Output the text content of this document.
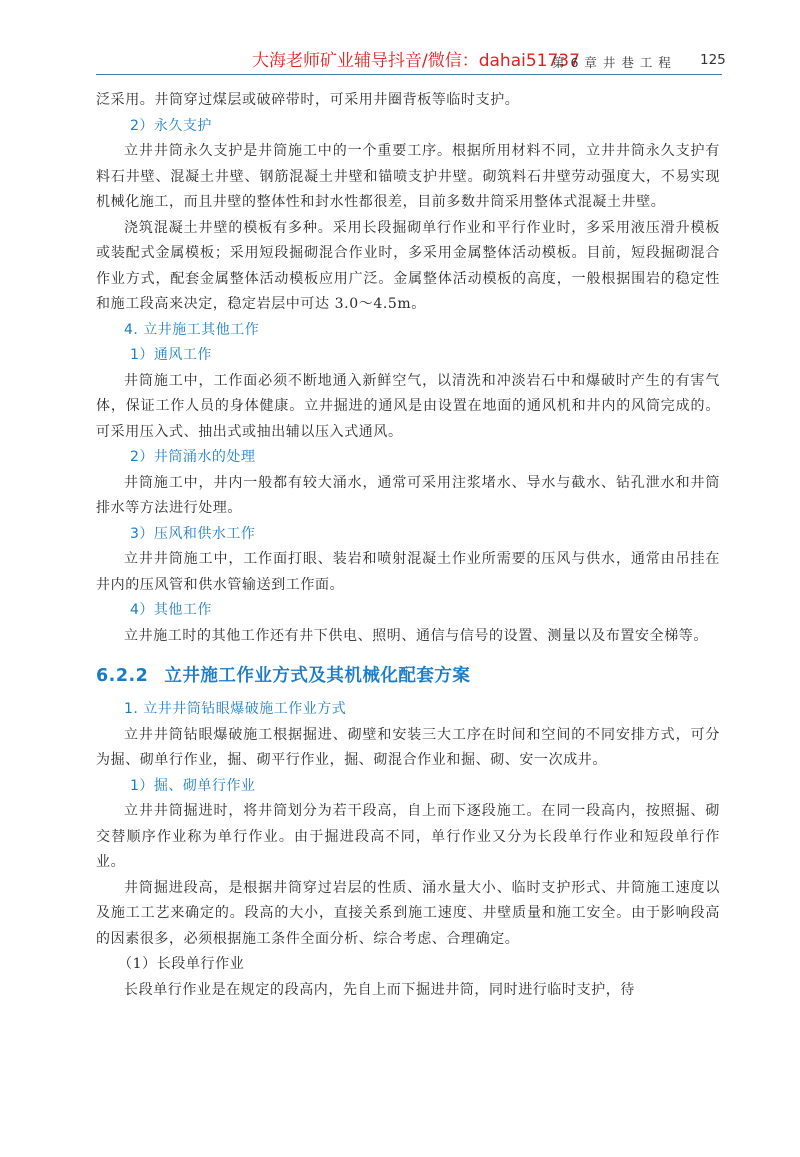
大海老师矿业辅导抖音/微信：dahai51737
第 6 章 井 巷 工 程 125

泛采用。井筒穿过煤层或破碎带时，可采用井圈背板等临时支护。

2）永久支护

立井井筒永久支护是井筒施工中的一个重要工序。根据所用材料不同，立井井筒永久支护有料石井壁、混凝土井壁、钢筋混凝土井壁和锚喷支护井壁。砌筑料石井壁劳动强度大，不易实现机械化施工，而且井壁的整体性和封水性都很差，目前多数井筒采用整体式混凝土井壁。

浇筑混凝土井壁的模板有多种。采用长段掘砌单行作业和平行作业时，多采用液压滑升模板或装配式金属模板；采用短段掘砌混合作业时，多采用金属整体活动模板。目前，短段掘砌混合作业方式，配套金属整体活动模板应用广泛。金属整体活动模板的高度，一般根据围岩的稳定性和施工段高来决定，稳定岩层中可达 3.0～4.5m。

4. 立井施工其他工作
1）通风工作

井筒施工中，工作面必须不断地通入新鲜空气，以清洗和冲淡岩石中和爆破时产生的有害气体，保证工作人员的身体健康。立井掘进的通风是由设置在地面的通风机和井内的风筒完成的。可采用压入式、抽出式或抽出辅以压入式通风。

2）井筒涌水的处理

井筒施工中，井内一般都有较大涌水，通常可采用注浆堵水、导水与截水、钻孔泄水和井筒排水等方法进行处理。

3）压风和供水工作

立井井筒施工中，工作面打眼、装岩和喷射混凝土作业所需要的压风与供水，通常由吊挂在井内的压风管和供水管输送到工作面。

4）其他工作

立井施工时的其他工作还有井下供电、照明、通信与信号的设置、测量以及布置安全梯等。

6.2.2 立井施工作业方式及其机械化配套方案
1. 立井井筒钻眼爆破施工作业方式

立井井筒钻眼爆破施工根据掘进、砌壁和安装三大工序在时间和空间的不同安排方式，可分为掘、砌单行作业，掘、砌平行作业，掘、砌混合作业和掘、砌、安一次成井。

1）掘、砌单行作业

立井井筒掘进时，将井筒划分为若干段高，自上而下逐段施工。在同一段高内，按照掘、砌交替顺序作业称为单行作业。由于掘进段高不同，单行作业又分为长段单行作业和短段单行作业。

井筒掘进段高，是根据井筒穿过岩层的性质、涌水量大小、临时支护形式、井筒施工速度以及施工工艺来确定的。段高的大小，直接关系到施工速度、井壁质量和施工安全。由于影响段高的因素很多，必须根据施工条件全面分析、综合考虑、合理确定。

（1）长段单行作业

长段单行作业是在规定的段高内，先自上而下掘进井筒，同时进行临时支护，待
